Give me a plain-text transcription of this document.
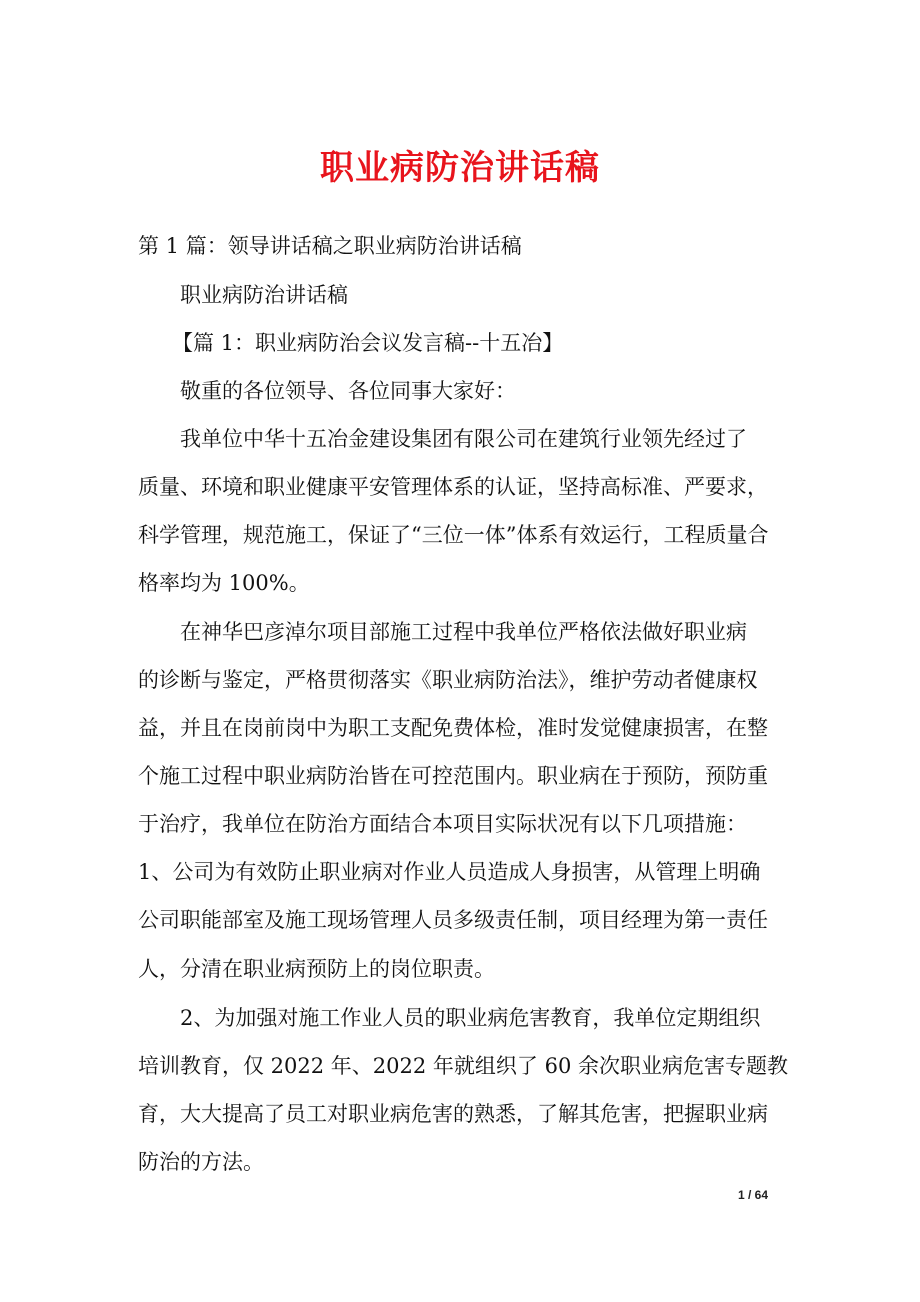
职业病防治讲话稿

第 1 篇：领导讲话稿之职业病防治讲话稿

职业病防治讲话稿

【篇 1：职业病防治会议发言稿--十五冶】

敬重的各位领导、各位同事大家好：

我单位中华十五冶金建设集团有限公司在建筑行业领先经过了

质量、环境和职业健康平安管理体系的认证，坚持高标准、严要求，

科学管理，规范施工，保证了“三位一体”体系有效运行，工程质量合

格率均为 100%。

在神华巴彦淖尔项目部施工过程中我单位严格依法做好职业病

的诊断与鉴定，严格贯彻落实《职业病防治法》，维护劳动者健康权

益，并且在岗前岗中为职工支配免费体检，准时发觉健康损害，在整

个施工过程中职业病防治皆在可控范围内。职业病在于预防，预防重

于治疗，我单位在防治方面结合本项目实际状况有以下几项措施：

1、公司为有效防止职业病对作业人员造成人身损害，从管理上明确

公司职能部室及施工现场管理人员多级责任制，项目经理为第一责任

人，分清在职业病预防上的岗位职责。

2、为加强对施工作业人员的职业病危害教育，我单位定期组织

培训教育，仅 2022 年、2022 年就组织了 60 余次职业病危害专题教

育，大大提高了员工对职业病危害的熟悉，了解其危害，把握职业病

防治的方法。

1 / 64
